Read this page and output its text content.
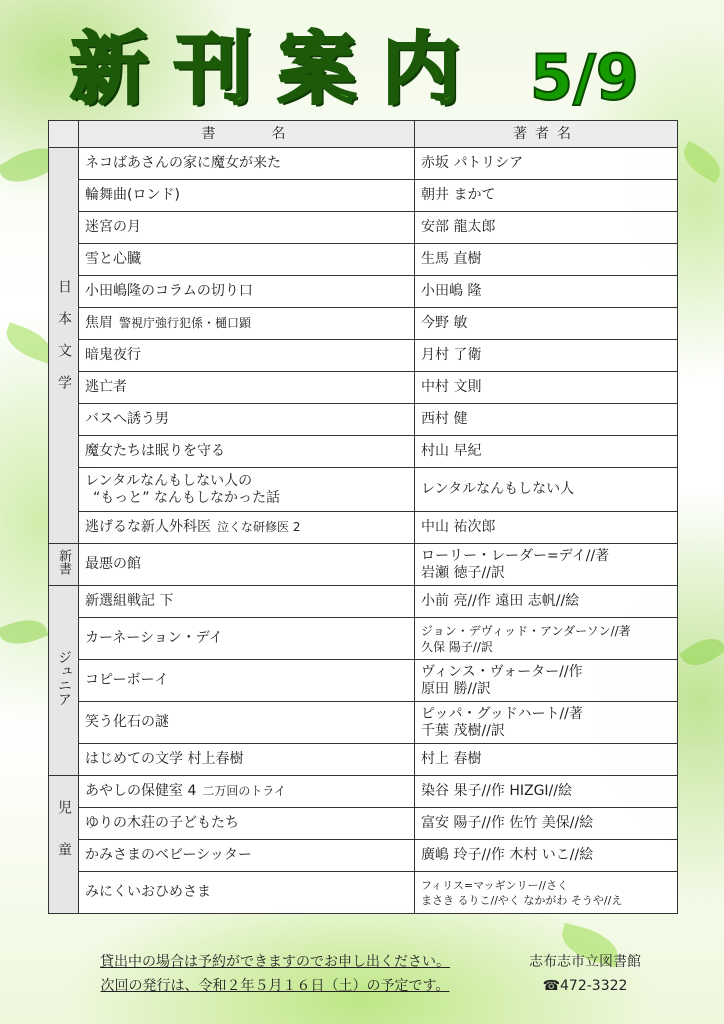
新刊案内 5/9
	書名	著者名
日本文学	ネコばあさんの家に魔女が来た	赤坂 パトリシア
	輪舞曲(ロンド)	朝井 まかて
	迷宮の月	安部 龍太郎
	雪と心臓	生馬 直樹
	小田嶋隆のコラムの切り口	小田嶋 隆
	焦眉 警視庁強行犯係・樋口顕	今野 敏
	暗鬼夜行	月村 了衛
	逃亡者	中村 文則
	バスへ誘う男	西村 健
	魔女たちは眠りを守る	村山 早紀

	レンタルなんもしない人の
“もっと” なんもしなかった話	レンタルなんもしない人
	逃げるな新人外科医 泣くな研修医 2	中山 祐次郎
新書	最悪の館	ローリー・レーダー=デイ//著
岩瀬 徳子//訳

ジュニア	新選組戦記 下	小前 亮//作 遠田 志帆//絵
	カーネーション・デイ	ジョン・デヴィッド・アンダーソン//著
久保 陽子//訳

	コピーボーイ	ヴィンス・ヴォーター//作
原田 勝//訳

	笑う化石の謎	ピッパ・グッドハート//著
千葉 茂樹//訳

	はじめての文学 村上春樹	村上 春樹
児童	あやしの保健室 4 二万回のトライ	染谷 果子//作 HIZGI//絵
	ゆりの木荘の子どもたち	富安 陽子//作 佐竹 美保//絵
	かみさまのベビーシッター	廣嶋 玲子//作 木村 いこ//絵
	みにくいおひめさま	フィリス=マッギンリー//さく
まさき るりこ//やく なかがわ そうや//え
貸出中の場合は予約ができますのでお申し出ください。
次回の発行は、令和２年５月１６日（土）の予定です。
志布志市立図書館
☎472-3322
